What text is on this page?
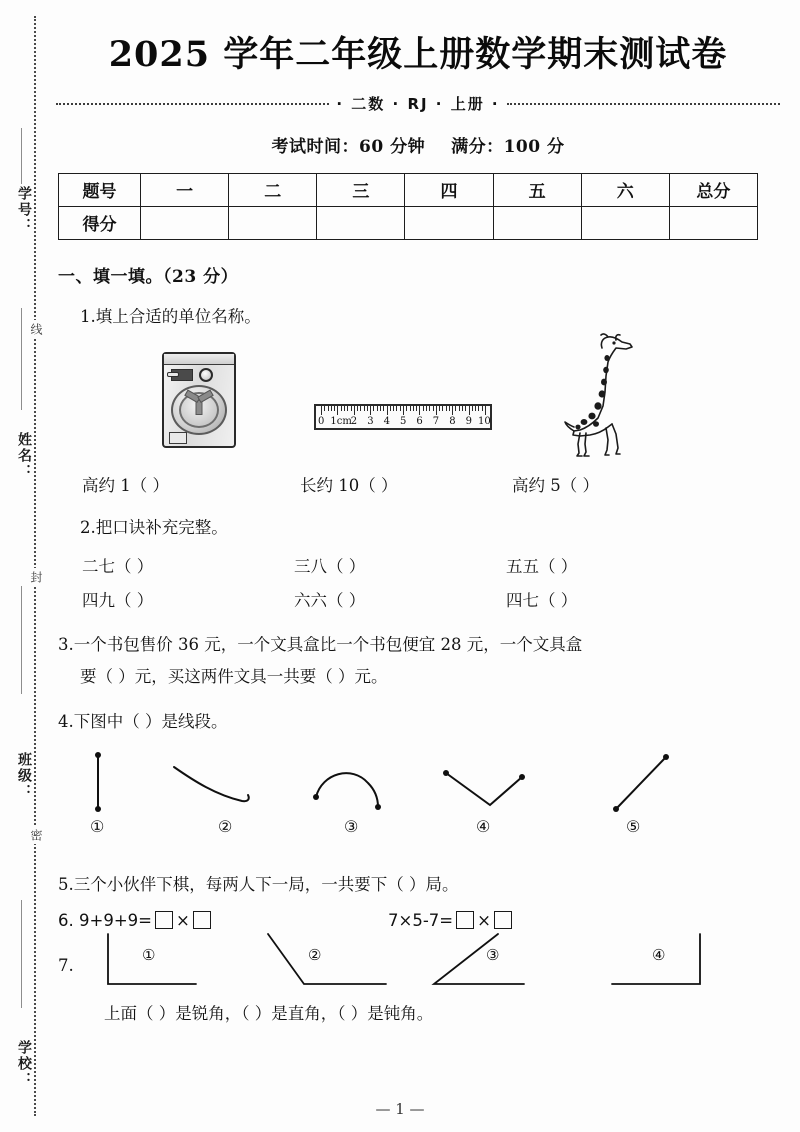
学号：
线
姓名：
封
班级：
密
学校：
2025 学年二年级上册数学期末测试卷
· 二数 · RJ · 上册 ·
考试时间：60 分钟 满分：100 分
题号	一	二	三	四	五	六	总分
得分							
一、填一填。（23 分）
1.填上合适的单位名称。
0 1cm
2 3 4 5 6 7 8 9 10
高约 1（ ）	长约 10（ ）	高约 5（ ）
2.把口诀补充完整。
二七（ ）	三八（ ）	五五（ ）
四九（ ）	六六（ ）	四七（ ）
3.一个书包售价 36 元，一个文具盒比一个书包便宜 28 元，一个文具盒
要（ ）元，买这两件文具一共要（ ）元。
4.下图中（ ）是线段。
①	②	③	④	⑤
5.三个小伙伴下棋，每两人下一局，一共要下（ ）局。
6. 9+9+9= ×	7×5-7= ×
7.
①	②	③	④
上面（ ）是锐角，（ ）是直角，（ ）是钝角。
— 1 —
